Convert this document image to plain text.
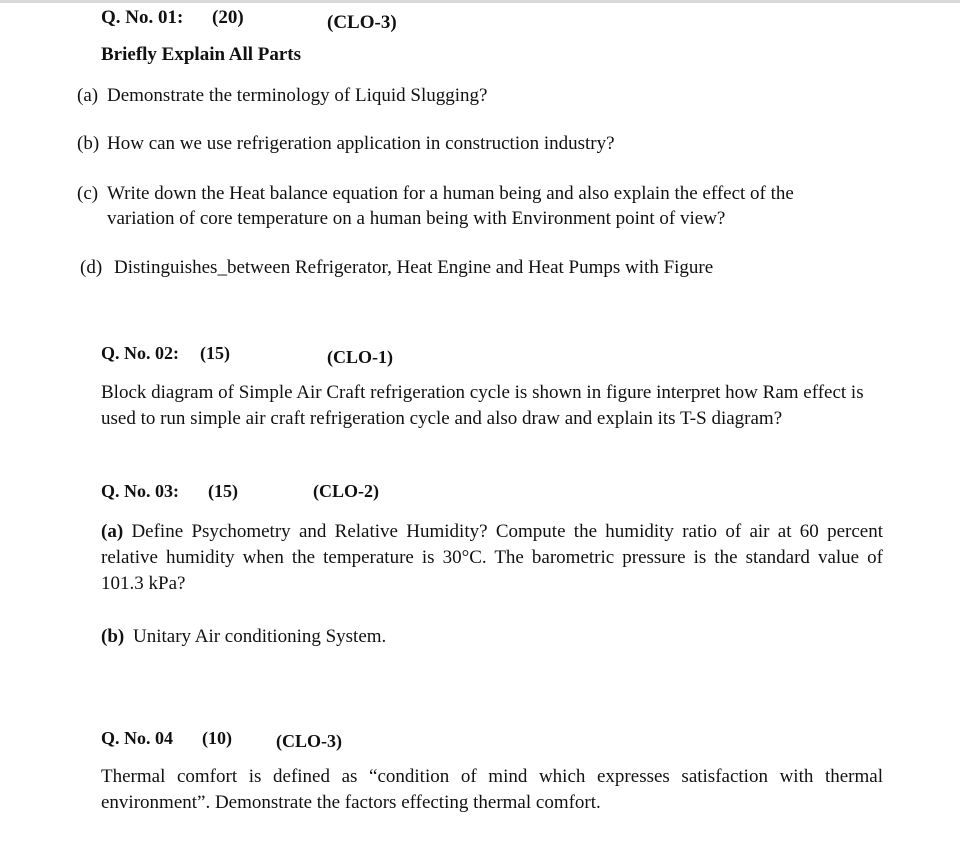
Q. No. 01: (20)	(CLO-3)
Briefly Explain All Parts
(a) Demonstrate the terminology of Liquid Slugging?
(b) How can we use refrigeration application in construction industry?
(c) Write down the Heat balance equation for a human being and also explain the effect of the
variation of core temperature on a human being with Environment point of view?
(d) Distinguishes_between Refrigerator, Heat Engine and Heat Pumps with Figure
Q. No. 02: (15)	(CLO-1)
Block diagram of Simple Air Craft refrigeration cycle is shown in figure interpret how Ram effect is used to run simple air craft refrigeration cycle and also draw and explain its T-S diagram?
Q. No. 03: (15)	(CLO-2)
(a) Define Psychometry and Relative Humidity? Compute the humidity ratio of air at 60 percent relative humidity when the temperature is 30°C. The barometric pressure is the standard value of 101.3 kPa?
(b) Unitary Air conditioning System.
Q. No. 04 (10) (CLO-3)
Thermal comfort is defined as “condition of mind which expresses satisfaction with thermal environment”. Demonstrate the factors effecting thermal comfort.
